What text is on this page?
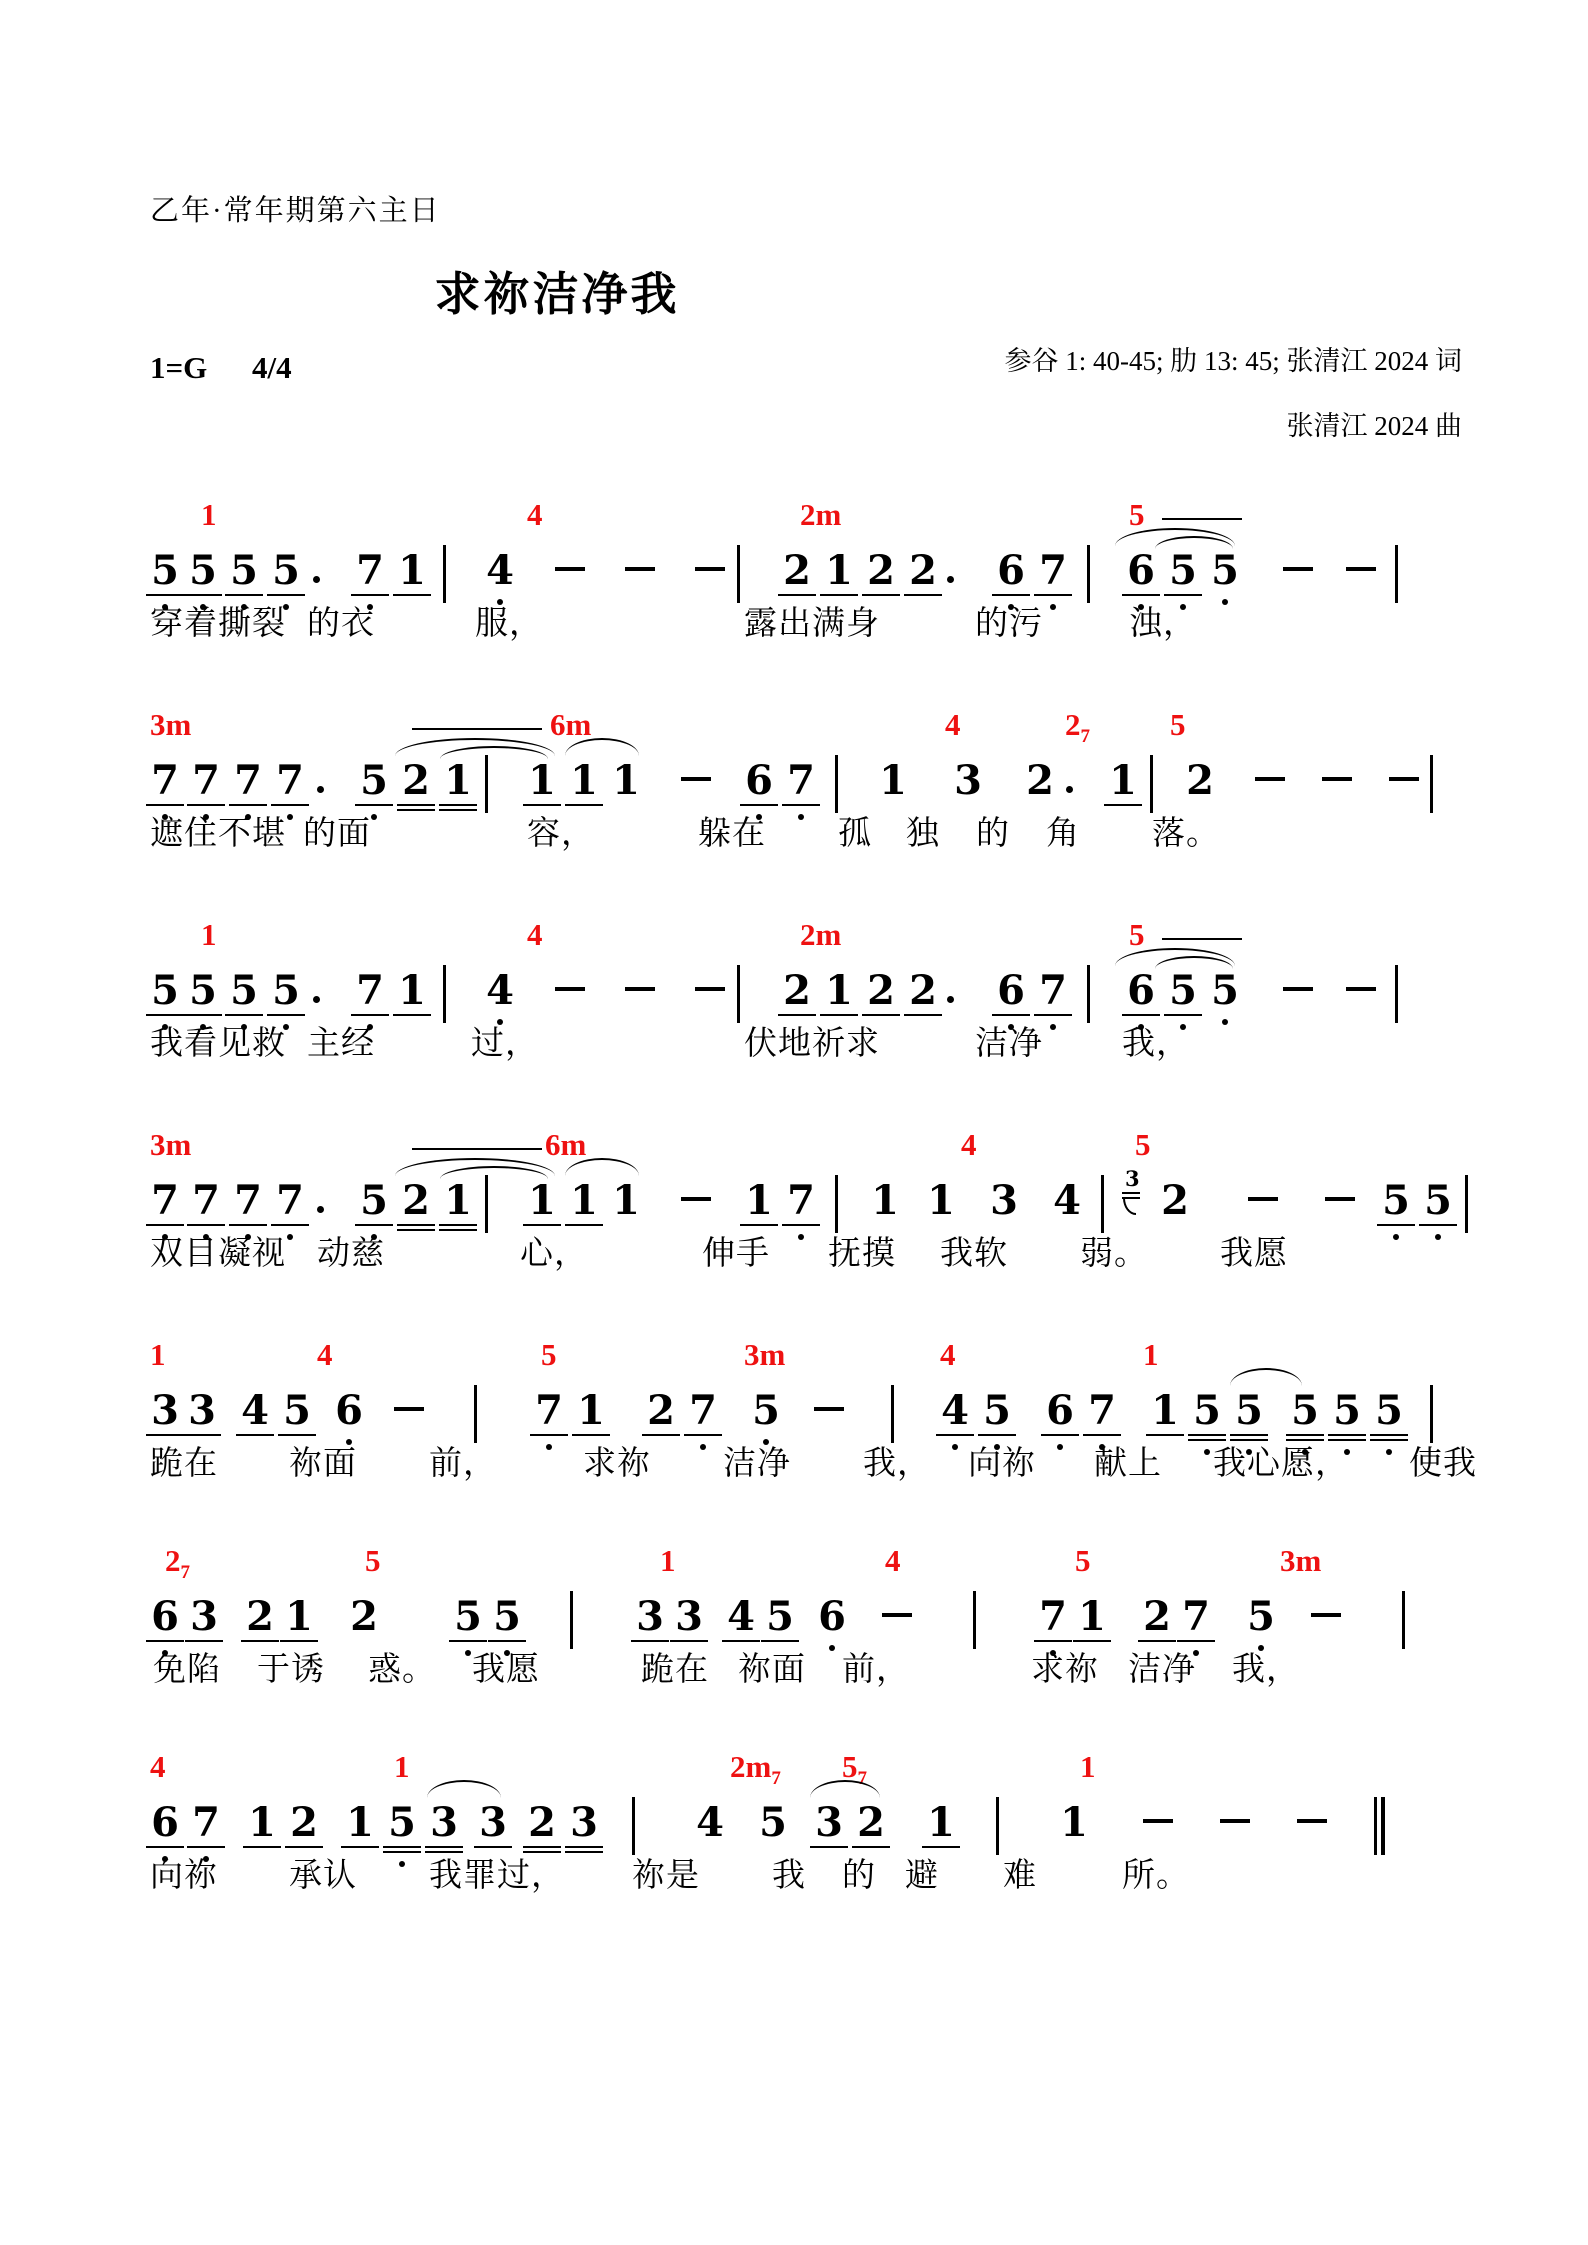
乙年·常年期第六主日
求祢洁净我
1=G 4/4	参谷 1: 40-45; 肋 13: 45; 张清江 2024 词
张清江 2024 曲
1	4	2m	5
5 5 5 5 7 1 4	2 1 2 2 6 7 6 5 5
穿着撕裂 的衣	服，	露出满身	的污	浊，
3m	6m	4	$2_7$	5
7 7 7 7 5 2 1 1 1 1	6 7 1 3 2 1 2
遮住不堪 的面	容，	躲在 孤 独 的 角 落。
1	4	2m	5
5 5 5 5 7 1 4	2 1 2 2 6 7 6 5 5
我看见救 主经	过，	伏地祈求	洁净 我，
3m	6m	4	5
7 7 7 7 5 2 1 1 1 1	1 7 1 1 3 4 3 2	5 5
双目凝视 动慈	心，	伸手 抚摸 我软 弱。 我愿
1	4	5	3m	4	1
3 3 4 5 6	7 1 2 7 5	4 5 6 7 1 5 5 5 5 5
跪在 祢面 前，	求祢 洁净 我， 向祢 献上 我心愿， 使我
$2_7$	5	1	4	5	3m
6 3 2 1 2 5 5	3 3 4 5 6	7 1 2 7 5
免陷 于诱 惑。 我愿	跪在 祢面 前，	求祢 洁净 我，
4	1	$2m_7$ $5_7$	1
6 7 1 2 1 5 3 3 2 3 4 5 3 2 1	1
向祢 承认 我罪过， 祢是 我 的 避 难	所。
